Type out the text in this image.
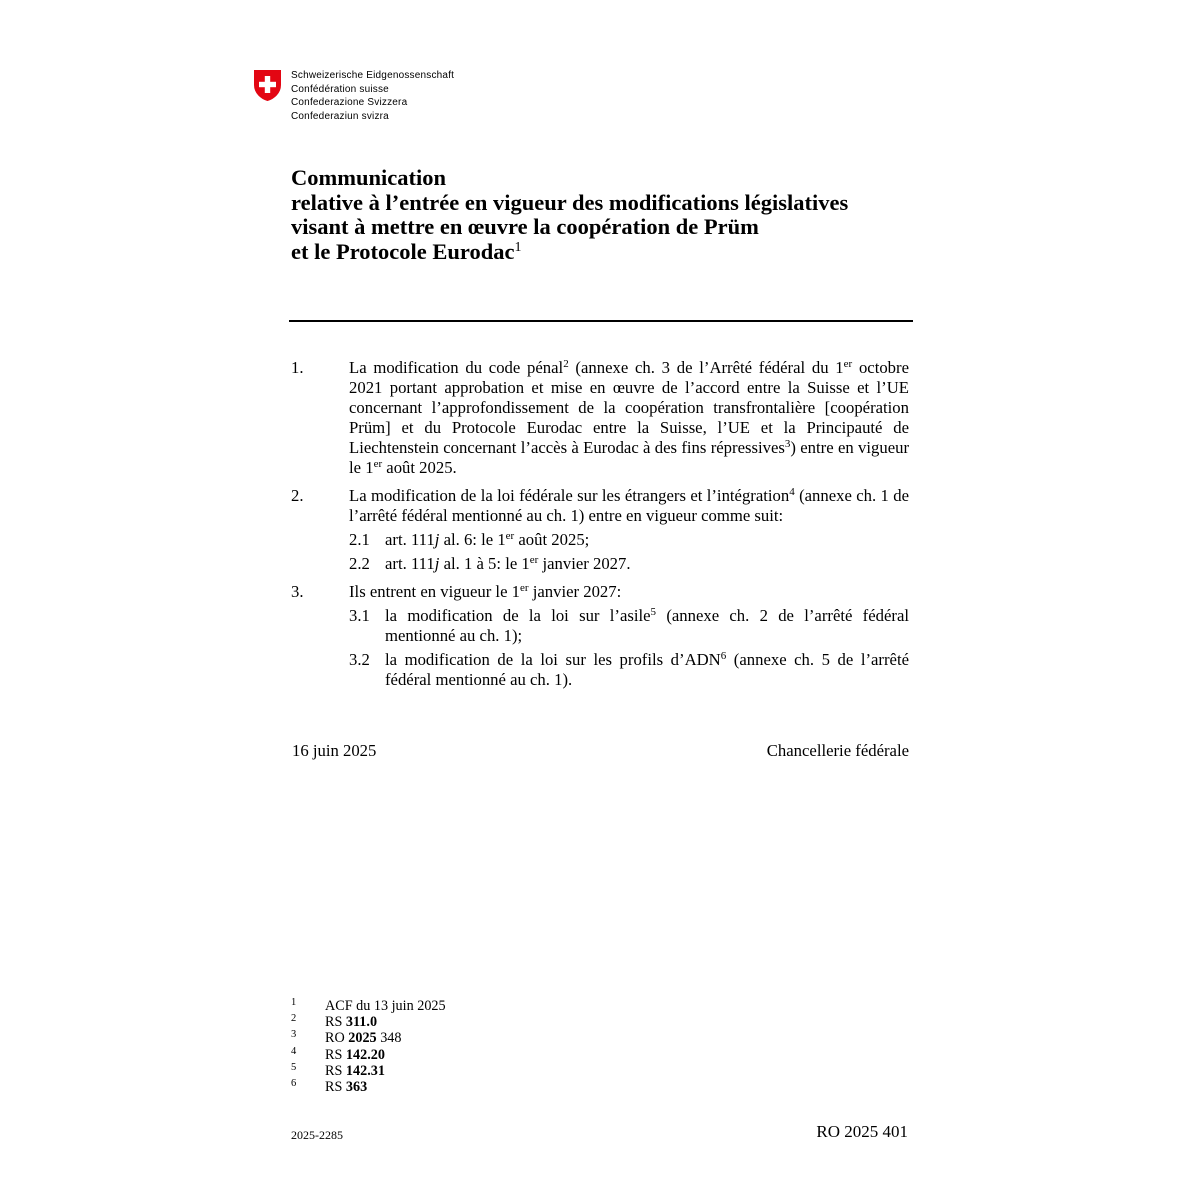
Schweizerische Eidgenossenschaft
Confédération suisse
Confederazione Svizzera
Confederaziun svizra
Communication
relative à l’entrée en vigueur des modifications législatives
visant à mettre en œuvre la coopération de Prüm
et le Protocole Eurodac$^1$
1.	La modification du code pénal$^2$ (annexe ch. 3 de l’Arrêté fédéral du 1er octobre 2021 portant approbation et mise en œuvre de l’accord entre la Suisse et l’UE concernant l’approfondissement de la coopération transfrontalière [coopération Prüm] et du Protocole Eurodac entre la Suisse, l’UE et la Principauté de Liechtenstein concernant l’accès à Eurodac à des fins répressives$^3$) entre en vigueur le 1er août 2025.
2.	La modification de la loi fédérale sur les étrangers et l’intégration$^4$ (annexe ch. 1 de l’arrêté fédéral mentionné au ch. 1) entre en vigueur comme suit:
2.1 art. 111j al. 6: le 1er août 2025;
2.2 art. 111j al. 1 à 5: le 1er janvier 2027.
3.	Ils entrent en vigueur le 1er janvier 2027:
3.1 la modification de la loi sur l’asile$^5$ (annexe ch. 2 de l’arrêté fédéral mentionné au ch. 1);
3.2 la modification de la loi sur les profils d’ADN$^6$ (annexe ch. 5 de l’arrêté fédéral mentionné au ch. 1).
16 juin 2025	Chancellerie fédérale
1 ACF du 13 juin 2025
2 RS 311.0
3 RO 2025 348
4 RS 142.20
5 RS 142.31
6 RS 363
2025-2285	RO 2025 401
